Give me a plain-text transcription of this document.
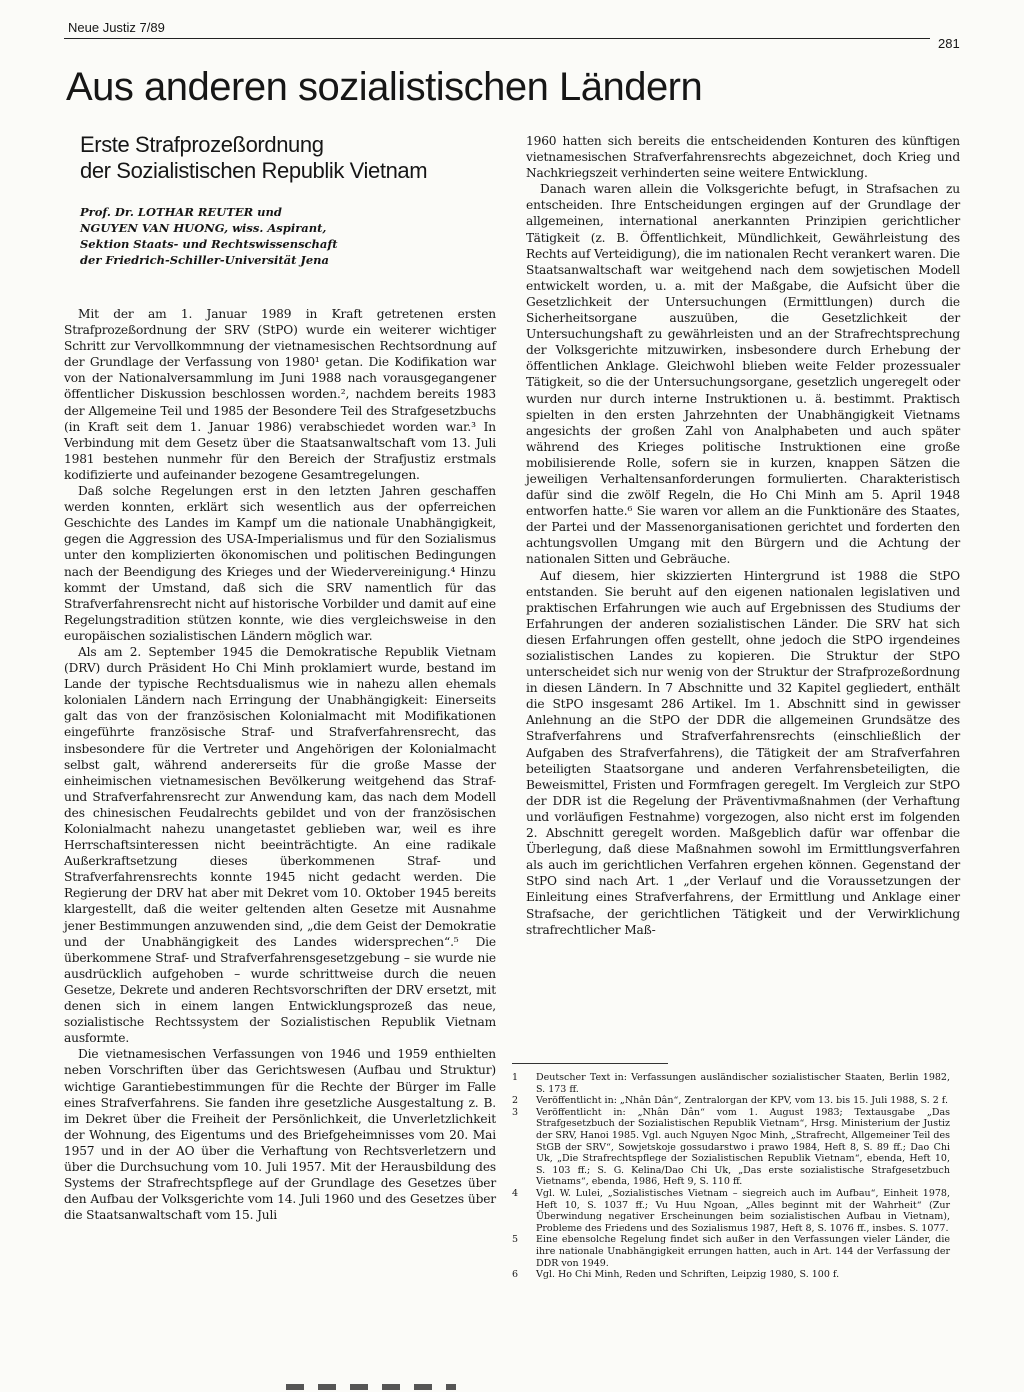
Neue Justiz 7/89
281
Aus anderen sozialistischen Ländern
Erste Strafprozeßordnung
der Sozialistischen Republik Vietnam
Prof. Dr. LOTHAR REUTER und
NGUYEN VAN HUONG, wiss. Aspirant,
Sektion Staats- und Rechtswissenschaft
der Friedrich-Schiller-Universität Jena

Mit der am 1. Januar 1989 in Kraft getretenen ersten Strafprozeßordnung der SRV (StPO) wurde ein weiterer wichtiger Schritt zur Vervollkommnung der vietnamesischen Rechtsordnung auf der Grundlage der Verfassung von 1980¹ getan. Die Kodifikation war von der Nationalversammlung im Juni 1988 nach vorausgegangener öffentlicher Diskussion beschlossen worden.², nachdem bereits 1983 der Allgemeine Teil und 1985 der Besondere Teil des Strafgesetzbuchs (in Kraft seit dem 1. Januar 1986) verabschiedet worden war.³ In Verbindung mit dem Gesetz über die Staatsanwaltschaft vom 13. Juli 1981 bestehen nunmehr für den Bereich der Strafjustiz erstmals kodifizierte und aufeinander bezogene Gesamtregelungen.

Daß solche Regelungen erst in den letzten Jahren geschaffen werden konnten, erklärt sich wesentlich aus der opferreichen Geschichte des Landes im Kampf um die nationale Unabhängigkeit, gegen die Aggression des USA-Imperialismus und für den Sozialismus unter den komplizierten ökonomischen und politischen Bedingungen nach der Beendigung des Krieges und der Wiedervereinigung.⁴ Hinzu kommt der Umstand, daß sich die SRV namentlich für das Strafverfahrensrecht nicht auf historische Vorbilder und damit auf eine Regelungstradition stützen konnte, wie dies vergleichsweise in den europäischen sozialistischen Ländern möglich war.

Als am 2. September 1945 die Demokratische Republik Vietnam (DRV) durch Präsident Ho Chi Minh proklamiert wurde, bestand im Lande der typische Rechtsdualismus wie in nahezu allen ehemals kolonialen Ländern nach Erringung der Unabhängigkeit: Einerseits galt das von der französischen Kolonialmacht mit Modifikationen eingeführte französische Straf- und Strafverfahrensrecht, das insbesondere für die Vertreter und Angehörigen der Kolonialmacht selbst galt, während andererseits für die große Masse der einheimischen vietnamesischen Bevölkerung weitgehend das Straf- und Strafverfahrensrecht zur Anwendung kam, das nach dem Modell des chinesischen Feudalrechts gebildet und von der französischen Kolonialmacht nahezu unangetastet geblieben war, weil es ihre Herrschaftsinteressen nicht beeinträchtigte. An eine radikale Außerkraftsetzung dieses überkommenen Straf- und Strafverfahrensrechts konnte 1945 nicht gedacht werden. Die Regierung der DRV hat aber mit Dekret vom 10. Oktober 1945 bereits klargestellt, daß die weiter geltenden alten Gesetze mit Ausnahme jener Bestimmungen anzuwenden sind, „die dem Geist der Demokratie und der Unabhängigkeit des Landes widersprechen“.⁵ Die überkommene Straf- und Strafverfahrensgesetzgebung – sie wurde nie ausdrücklich aufgehoben – wurde schrittweise durch die neuen Gesetze, Dekrete und anderen Rechtsvorschriften der DRV ersetzt, mit denen sich in einem langen Entwicklungsprozeß das neue, sozialistische Rechtssystem der Sozialistischen Republik Vietnam ausformte.

Die vietnamesischen Verfassungen von 1946 und 1959 enthielten neben Vorschriften über das Gerichtswesen (Aufbau und Struktur) wichtige Garantiebestimmungen für die Rechte der Bürger im Falle eines Strafverfahrens. Sie fanden ihre gesetzliche Ausgestaltung z. B. im Dekret über die Freiheit der Persönlichkeit, die Unverletzlichkeit der Wohnung, des Eigentums und des Briefgeheimnisses vom 20. Mai 1957 und in der AO über die Verhaftung von Rechtsverletzern und über die Durchsuchung vom 10. Juli 1957. Mit der Herausbildung des Systems der Strafrechtspflege auf der Grundlage des Gesetzes über den Aufbau der Volksgerichte vom 14. Juli 1960 und des Gesetzes über die Staatsanwaltschaft vom 15. Juli

1960 hatten sich bereits die entscheidenden Konturen des künftigen vietnamesischen Strafverfahrensrechts abgezeichnet, doch Krieg und Nachkriegszeit verhinderten seine weitere Entwicklung.

Danach waren allein die Volksgerichte befugt, in Strafsachen zu entscheiden. Ihre Entscheidungen ergingen auf der Grundlage der allgemeinen, international anerkannten Prinzipien gerichtlicher Tätigkeit (z. B. Öffentlichkeit, Mündlichkeit, Gewährleistung des Rechts auf Verteidigung), die im nationalen Recht verankert waren. Die Staatsanwaltschaft war weitgehend nach dem sowjetischen Modell entwickelt worden, u. a. mit der Maßgabe, die Aufsicht über die Gesetzlichkeit der Untersuchungen (Ermittlungen) durch die Sicherheitsorgane auszuüben, die Gesetzlichkeit der Untersuchungshaft zu gewährleisten und an der Strafrechtsprechung der Volksgerichte mitzuwirken, insbesondere durch Erhebung der öffentlichen Anklage. Gleichwohl blieben weite Felder prozessualer Tätigkeit, so die der Untersuchungsorgane, gesetzlich ungeregelt oder wurden nur durch interne Instruktionen u. ä. bestimmt. Praktisch spielten in den ersten Jahrzehnten der Unabhängigkeit Vietnams angesichts der großen Zahl von Analphabeten und auch später während des Krieges politische Instruktionen eine große mobilisierende Rolle, sofern sie in kurzen, knappen Sätzen die jeweiligen Verhaltensanforderungen formulierten. Charakteristisch dafür sind die zwölf Regeln, die Ho Chi Minh am 5. April 1948 entworfen hatte.⁶ Sie waren vor allem an die Funktionäre des Staates, der Partei und der Massenorganisationen gerichtet und forderten den achtungsvollen Umgang mit den Bürgern und die Achtung der nationalen Sitten und Gebräuche.

Auf diesem, hier skizzierten Hintergrund ist 1988 die StPO entstanden. Sie beruht auf den eigenen nationalen legislativen und praktischen Erfahrungen wie auch auf Ergebnissen des Studiums der Erfahrungen der anderen sozialistischen Länder. Die SRV hat sich diesen Erfahrungen offen gestellt, ohne jedoch die StPO irgendeines sozialistischen Landes zu kopieren. Die Struktur der StPO unterscheidet sich nur wenig von der Struktur der Strafprozeßordnung in diesen Ländern. In 7 Abschnitte und 32 Kapitel gegliedert, enthält die StPO insgesamt 286 Artikel. Im 1. Abschnitt sind in gewisser Anlehnung an die StPO der DDR die allgemeinen Grundsätze des Strafverfahrens und Strafverfahrensrechts (einschließlich der Aufgaben des Strafverfahrens), die Tätigkeit der am Strafverfahren beteiligten Staatsorgane und anderen Verfahrensbeteiligten, die Beweismittel, Fristen und Formfragen geregelt. Im Vergleich zur StPO der DDR ist die Regelung der Präventivmaßnahmen (der Verhaftung und vorläufigen Festnahme) vorgezogen, also nicht erst im folgenden 2. Abschnitt geregelt worden. Maßgeblich dafür war offenbar die Überlegung, daß diese Maßnahmen sowohl im Ermittlungsverfahren als auch im gerichtlichen Verfahren ergehen können. Gegenstand der StPO sind nach Art. 1 „der Verlauf und die Voraussetzungen der Einleitung eines Strafverfahrens, der Ermittlung und Anklage einer Strafsache, der gerichtlichen Tätigkeit und der Verwirklichung strafrechtlicher Maß-

1	Deutscher Text in: Verfassungen ausländischer sozialistischer Staaten, Berlin 1982, S. 173 ff.
2	Veröffentlicht in: „Nhân Dân“, Zentralorgan der KPV, vom 13. bis 15. Juli 1988, S. 2 f.
3	Veröffentlicht in: „Nhân Dân“ vom 1. August 1983; Textausgabe „Das Strafgesetzbuch der Sozialistischen Republik Vietnam“, Hrsg. Ministerium der Justiz der SRV, Hanoi 1985. Vgl. auch Nguyen Ngoc Minh, „Strafrecht, Allgemeiner Teil des StGB der SRV“, Sowjetskoje gossudarstwo i prawo 1984, Heft 8, S. 89 ff.; Dao Chi Uk, „Die Strafrechtspflege der Sozialistischen Republik Vietnam“, ebenda, Heft 10, S. 103 ff.; S. G. Kelina/Dao Chi Uk, „Das erste sozialistische Strafgesetzbuch Vietnams“, ebenda, 1986, Heft 9, S. 110 ff.
4	Vgl. W. Lulei, „Sozialistisches Vietnam – siegreich auch im Aufbau“, Einheit 1978, Heft 10, S. 1037 ff.; Vu Huu Ngoan, „Alles beginnt mit der Wahrheit“ (Zur Überwindung negativer Erscheinungen beim sozialistischen Aufbau in Vietnam), Probleme des Friedens und des Sozialismus 1987, Heft 8, S. 1076 ff., insbes. S. 1077.
5	Eine ebensolche Regelung findet sich außer in den Verfassungen vieler Länder, die ihre nationale Unabhängigkeit errungen hatten, auch in Art. 144 der Verfassung der DDR von 1949.
6	Vgl. Ho Chi Minh, Reden und Schriften, Leipzig 1980, S. 100 f.
